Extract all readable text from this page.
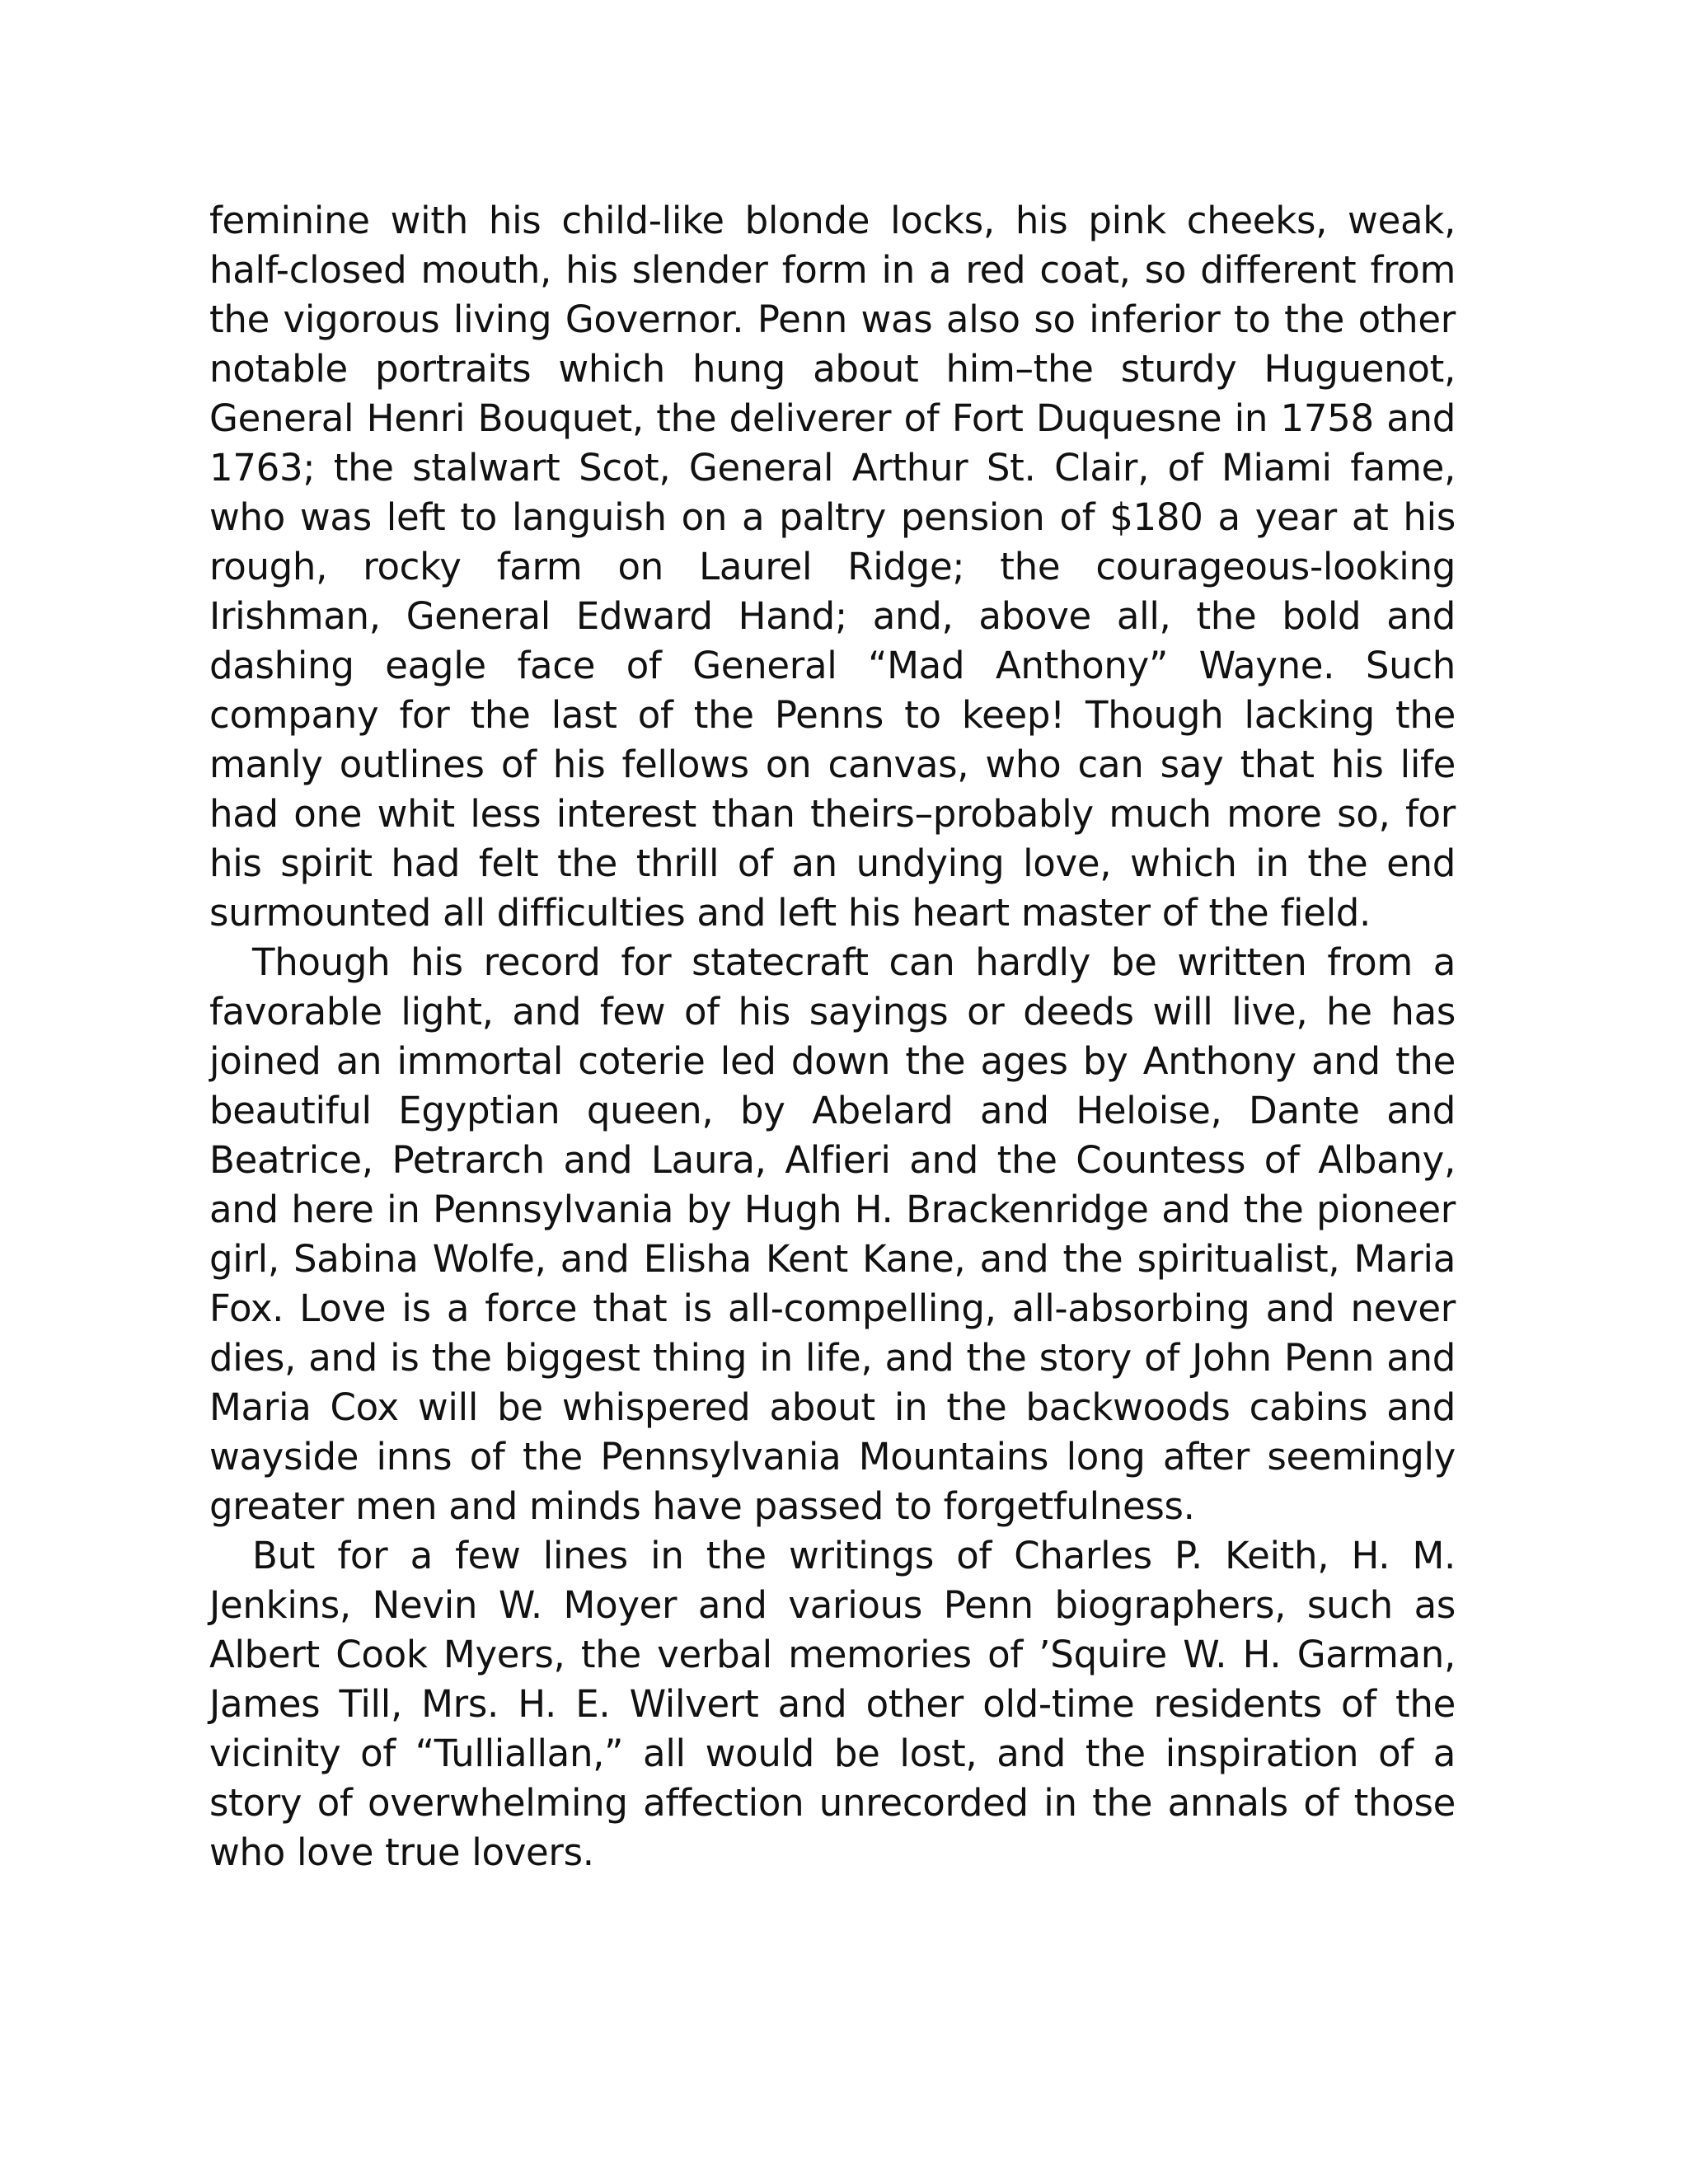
feminine with his child-like blonde locks, his pink cheeks, weak, half-closed mouth, his slender form in a red coat, so different from the vigorous living Governor. Penn was also so inferior to the other notable portraits which hung about him–the sturdy Huguenot, General Henri Bouquet, the deliverer of Fort Duquesne in 1758 and 1763; the stalwart Scot, General Arthur St. Clair, of Miami fame, who was left to languish on a paltry pension of $180 a year at his rough, rocky farm on Laurel Ridge; the courageous-looking Irishman, General Edward Hand; and, above all, the bold and dashing eagle face of General “Mad Anthony” Wayne. Such company for the last of the Penns to keep! Though lacking the manly outlines of his fellows on canvas, who can say that his life had one whit less interest than theirs–probably much more so, for his spirit had felt the thrill of an undying love, which in the end surmounted all difficulties and left his heart master of the field.

Though his record for statecraft can hardly be written from a favorable light, and few of his sayings or deeds will live, he has joined an immortal coterie led down the ages by Anthony and the beautiful Egyptian queen, by Abelard and Heloise, Dante and Beatrice, Petrarch and Laura, Alfieri and the Countess of Albany, and here in Pennsylvania by Hugh H. Brackenridge and the pioneer girl, Sabina Wolfe, and Elisha Kent Kane, and the spiritualist, Maria Fox. Love is a force that is all-compelling, all-absorbing and never dies, and is the biggest thing in life, and the story of John Penn and Maria Cox will be whispered about in the backwoods cabins and wayside inns of the Pennsylvania Mountains long after seemingly greater men and minds have passed to forgetfulness.

But for a few lines in the writings of Charles P. Keith, H. M. Jenkins, Nevin W. Moyer and various Penn biographers, such as Albert Cook Myers, the verbal memories of ’Squire W. H. Garman, James Till, Mrs. H. E. Wilvert and other old-time residents of the vicinity of “Tulliallan,” all would be lost, and the inspiration of a story of overwhelming affection unrecorded in the annals of those who love true lovers.
